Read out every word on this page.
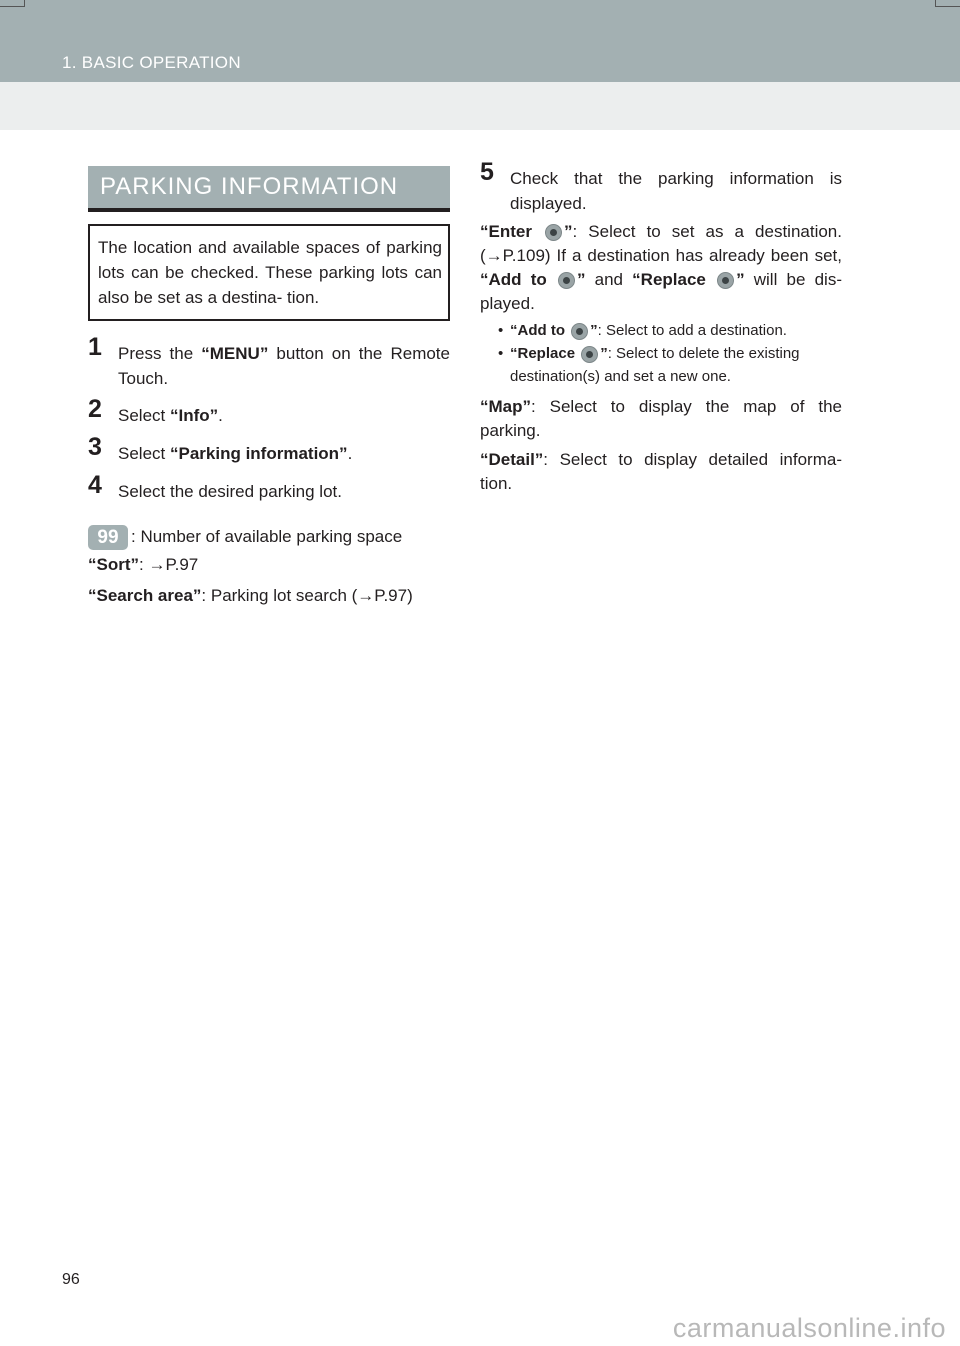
1. BASIC OPERATION
PARKING INFORMATION
The location and available spaces of parking lots can be checked. These parking lots can also be set as a destina- tion.
1 Press the “MENU” button on the Remote Touch.
2 Select “Info”.
3 Select “Parking information”.
4 Select the desired parking lot.
99 : Number of available parking space
“Sort”: →P.97
“Search area”: Parking lot search (→P.97)
5 Check that the parking information is displayed.
“Enter ”: Select to set as a destination. (→P.109) If a destination has already been set, “Add to ” and “Replace ” will be dis- played.
• “Add to ”: Select to add a destination.
• “Replace ”: Select to delete the existing destination(s) and set a new one.
“Map”: Select to display the map of the parking.
“Detail”: Select to display detailed informa- tion.
96
carmanualsonline.info
